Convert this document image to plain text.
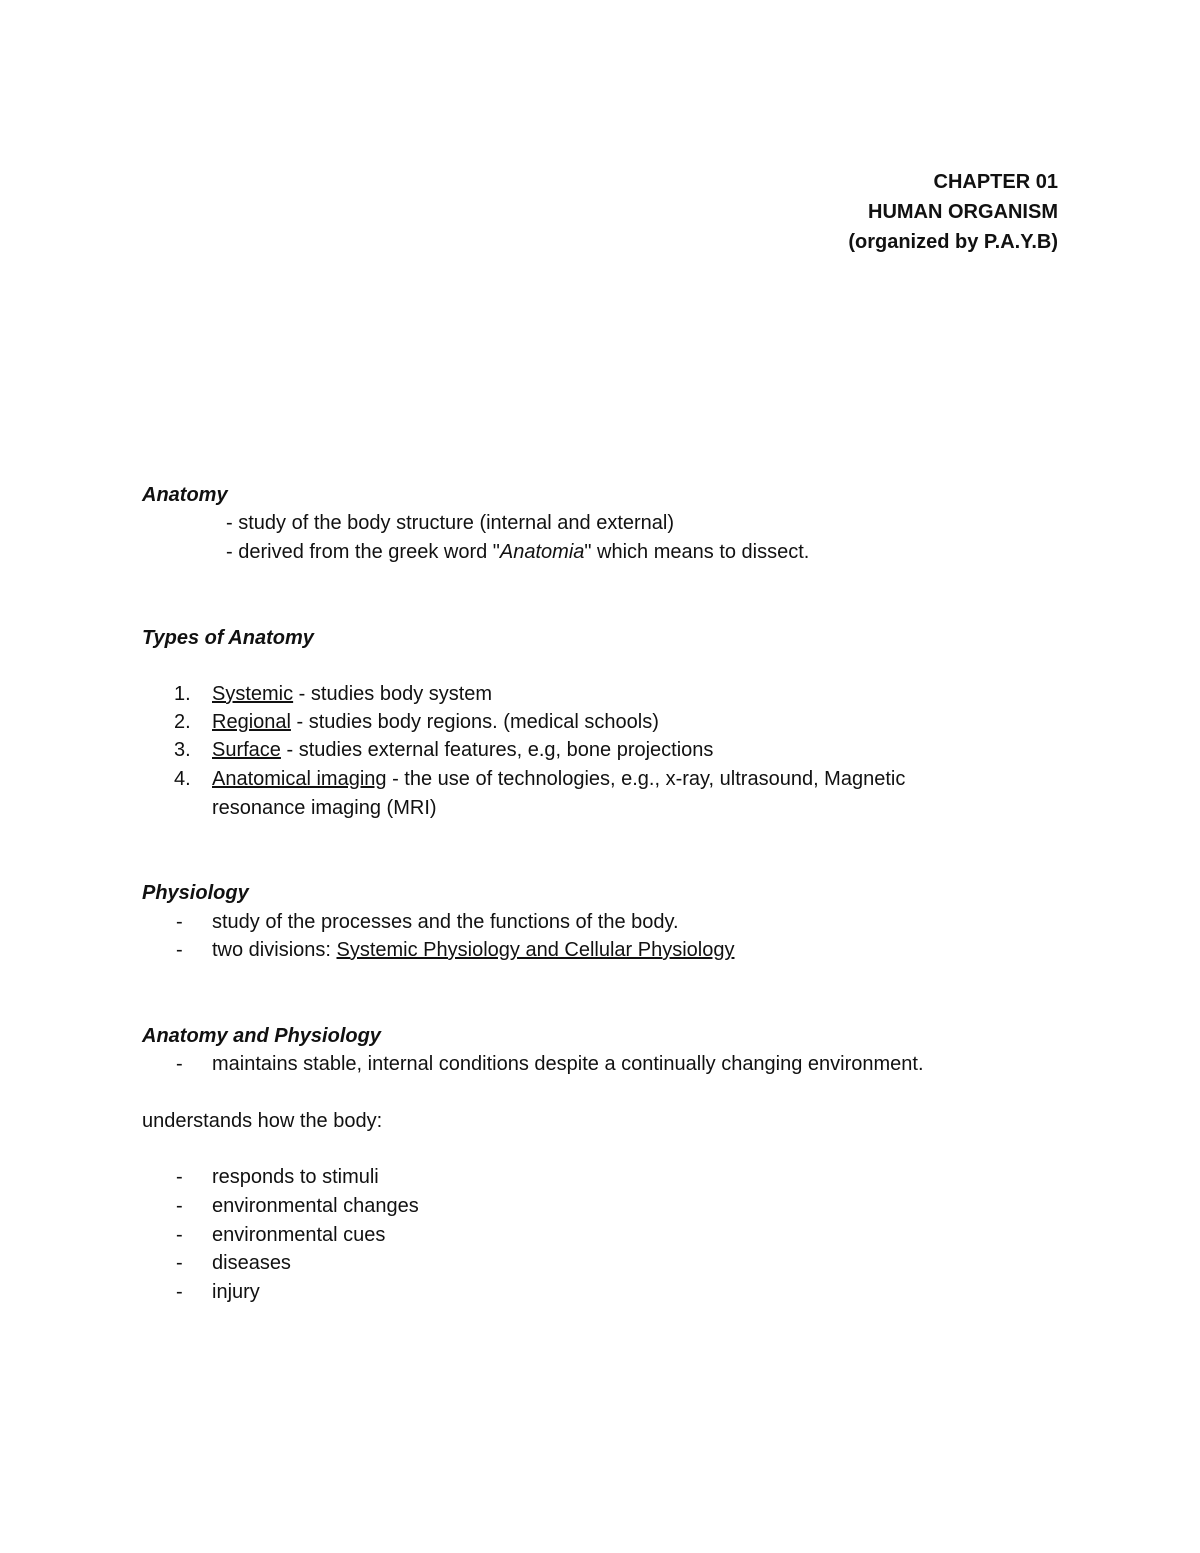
CHAPTER 01
HUMAN ORGANISM
(organized by P.A.Y.B)
Anatomy
- study of the body structure (internal and external)
- derived from the greek word "Anatomia" which means to dissect.
Types of Anatomy
1. Systemic - studies body system
2. Regional - studies body regions. (medical schools)
3. Surface - studies external features, e.g, bone projections
4. Anatomical imaging - the use of technologies, e.g., x-ray, ultrasound, Magnetic
resonance imaging (MRI)
Physiology
- study of the processes and the functions of the body.
- two divisions: Systemic Physiology and Cellular Physiology
Anatomy and Physiology
- maintains stable, internal conditions despite a continually changing environment.
understands how the body:
- responds to stimuli
- environmental changes
- environmental cues
- diseases
- injury
